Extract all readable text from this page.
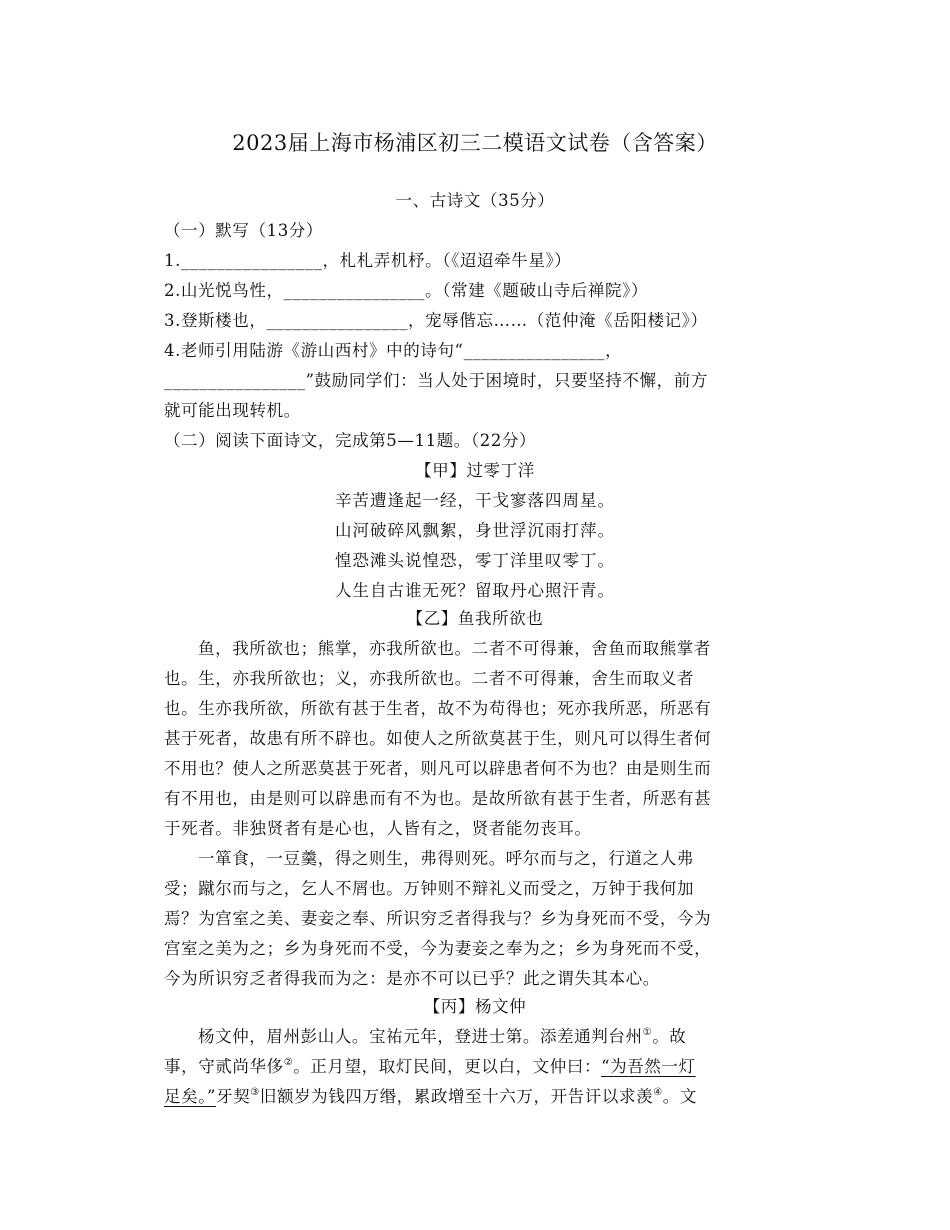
2023届上海市杨浦区初三二模语文试卷（含答案）
一、古诗文（35分）
（一）默写（13分）
1.________________，札札弄机杼。（《迢迢牵牛星》）
2.山光悦鸟性，________________。（常建《题破山寺后禅院》）
3.登斯楼也，________________，宠辱偕忘……（范仲淹《岳阳楼记》）
4.老师引用陆游《游山西村》中的诗句“________________，
________________”鼓励同学们：当人处于困境时，只要坚持不懈，前方
就可能出现转机。
（二）阅读下面诗文，完成第5—11题。（22分）
【甲】过零丁洋
辛苦遭逢起一经，干戈寥落四周星。
山河破碎风飘絮，身世浮沉雨打萍。
惶恐滩头说惶恐，零丁洋里叹零丁。
人生自古谁无死？留取丹心照汗青。
【乙】鱼我所欲也
鱼，我所欲也；熊掌，亦我所欲也。二者不可得兼，舍鱼而取熊掌者
也。生，亦我所欲也；义，亦我所欲也。二者不可得兼，舍生而取义者
也。生亦我所欲，所欲有甚于生者，故不为苟得也；死亦我所恶，所恶有
甚于死者，故患有所不辟也。如使人之所欲莫甚于生，则凡可以得生者何
不用也？使人之所恶莫甚于死者，则凡可以辟患者何不为也？由是则生而
有不用也，由是则可以辟患而有不为也。是故所欲有甚于生者，所恶有甚
于死者。非独贤者有是心也，人皆有之，贤者能勿丧耳。
一箪食，一豆羹，得之则生，弗得则死。呼尔而与之，行道之人弗
受；蹴尔而与之，乞人不屑也。万钟则不辩礼义而受之，万钟于我何加
焉？为宫室之美、妻妾之奉、所识穷乏者得我与？乡为身死而不受，今为
宫室之美为之；乡为身死而不受，今为妻妾之奉为之；乡为身死而不受，
今为所识穷乏者得我而为之：是亦不可以已乎？此之谓失其本心。
【丙】杨文仲
杨文仲，眉州彭山人。宝祐元年，登进士第。添差通判台州①。故
事，守贰尚华侈②。正月望，取灯民间，更以白，文仲曰：“为吾然一灯
足矣。”牙契③旧额岁为钱四万缗，累政增至十六万，开告讦以求羡④。文
